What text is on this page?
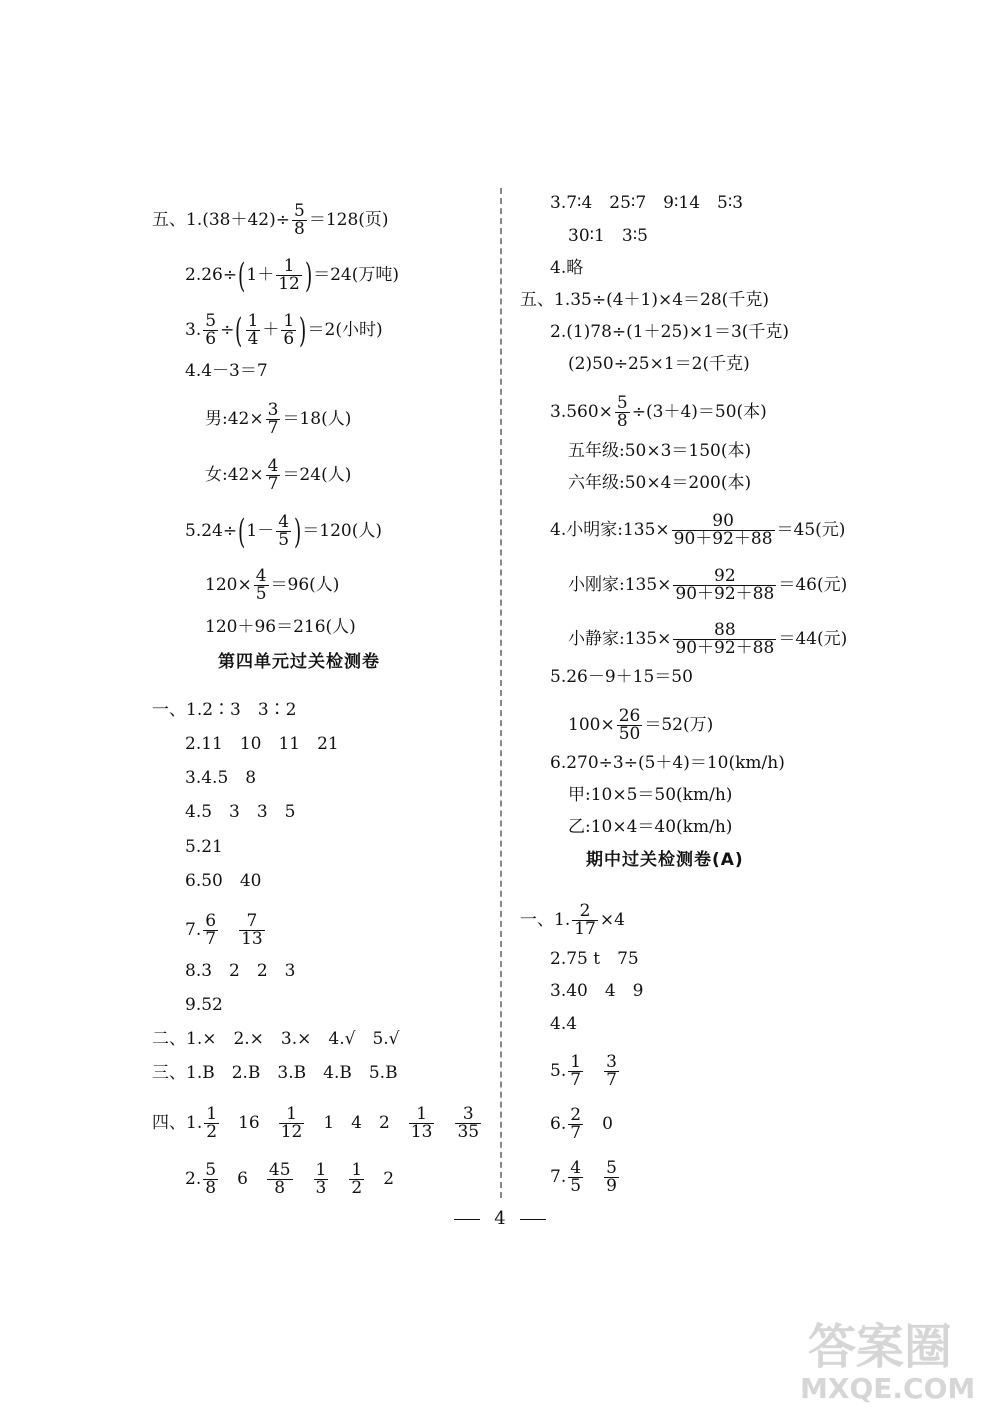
五、$1.(38+42)\div \frac{5}{8} =128$(页)
$2.26\div(1+ \frac{1}{12} )=24$(万吨)
3. $\frac{5}{6}$ ÷( $\frac{1}{4} + \frac{1}{6} )=2$(小时)
4.4－3＝7
男:42× $\frac{3}{7} =18$(人)
女:42× $\frac{4}{7} =24$(人)
$5.24\div(1- \frac{4}{5} )=120$(人)
$120\times \frac{4}{5} =96$(人)
120＋96＝216(人)
第四单元过关检测卷
一、1.2∶3　3∶2
2.11　10　11　21
3.4.5　8
4.5　3　3　5
5.21
6.50　40
7. $\frac{6}{7}$
　 $\frac{7}{13}$
8.3　2　2　3
9.52
二、1.×　2.×　3.×　4.√　5.√
三、1.B　2.B　3.B　4.B　5.B
四、1. $\frac{1}{2}$
　 16　 $\frac{1}{12}$
　 1　4　2　 $\frac{1}{13}$
　 $\frac{3}{35}$
2. $\frac{5}{8}$
　 6　 $\frac{45}{8}$
　 $\frac{1}{3}$
　 $\frac{1}{2}$
　 2
3.7∶4　25∶7　9∶14　5∶3
30∶1　3∶5
4.略
五、1.35÷(4＋1)×4＝28(千克)
2.(1)78÷(1＋25)×1＝3(千克)
(2)50÷25×1＝2(千克)
$3.560\times \frac{5}{8} \div(3+4)=50$(本)
五年级:50×3＝150(本)
六年级:50×4＝200(本)
4.小明家:135× $\frac{90}{90+92+88} =45$(元)
小刚家:135× $\frac{92}{90+92+88} =46$(元)
小静家:135× $\frac{88}{90+92+88} =44$(元)
5.26－9＋15＝50
$100\times \frac{26}{50} =52$(万)
6.270÷3÷(5＋4)＝10(km/h)
甲:10×5＝50(km/h)
乙:10×4＝40(km/h)
期中过关检测卷(A)
一、1. $\frac{2}{17} \times 4$
2.75 t　75
3.40　4　9
4.4
5. $\frac{1}{7}$
　 $\frac{3}{7}$
6. $\frac{2}{7}$
　 0
7. $\frac{4}{5}$
　 $\frac{5}{9}$
4
答案圈
MXQE.COM
